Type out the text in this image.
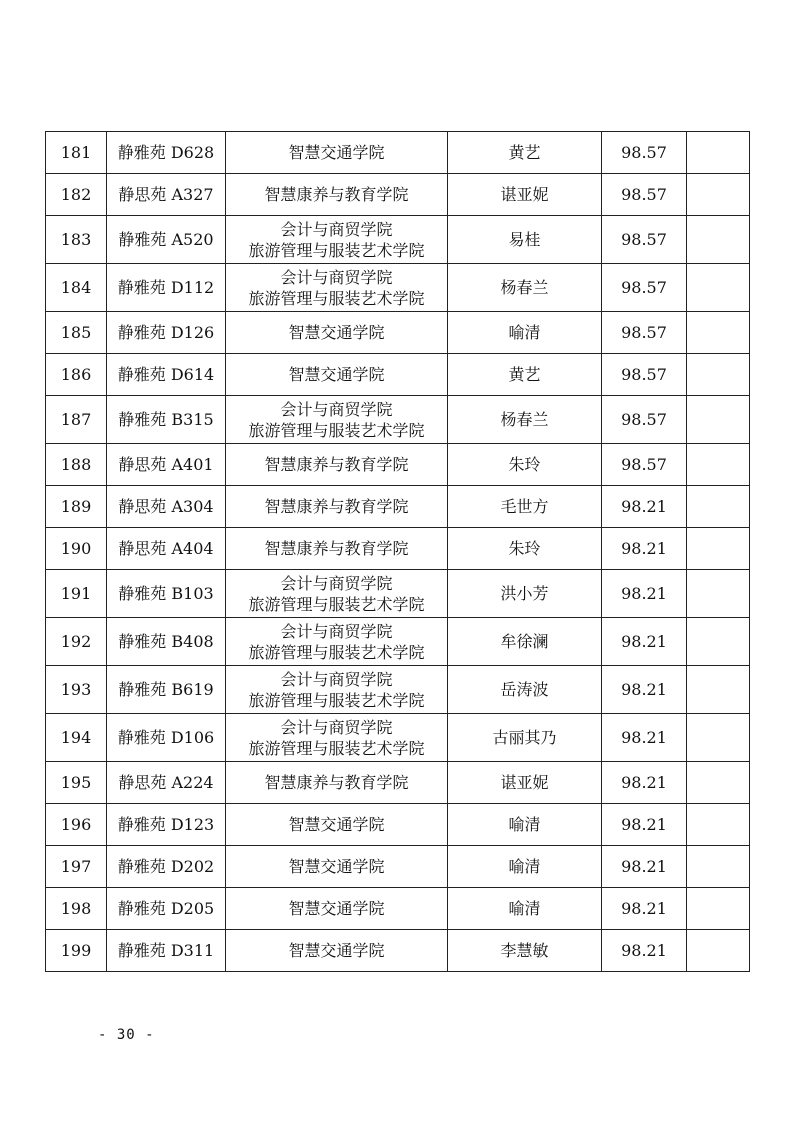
181	静雅苑 D628	智慧交通学院	黄艺	98.57	
182	静思苑 A327	智慧康养与教育学院	谌亚妮	98.57	
183	静雅苑 A520	会计与商贸学院
旅游管理与服装艺术学院	易桂	98.57	
184	静雅苑 D112	会计与商贸学院
旅游管理与服装艺术学院	杨春兰	98.57	
185	静雅苑 D126	智慧交通学院	喻清	98.57	
186	静雅苑 D614	智慧交通学院	黄艺	98.57	
187	静雅苑 B315	会计与商贸学院
旅游管理与服装艺术学院	杨春兰	98.57	
188	静思苑 A401	智慧康养与教育学院	朱玲	98.57	
189	静思苑 A304	智慧康养与教育学院	毛世方	98.21	
190	静思苑 A404	智慧康养与教育学院	朱玲	98.21	
191	静雅苑 B103	会计与商贸学院
旅游管理与服装艺术学院	洪小芳	98.21	
192	静雅苑 B408	会计与商贸学院
旅游管理与服装艺术学院	牟徐澜	98.21	
193	静雅苑 B619	会计与商贸学院
旅游管理与服装艺术学院	岳涛波	98.21	
194	静雅苑 D106	会计与商贸学院
旅游管理与服装艺术学院	古丽其乃	98.21	
195	静思苑 A224	智慧康养与教育学院	谌亚妮	98.21	
196	静雅苑 D123	智慧交通学院	喻清	98.21	
197	静雅苑 D202	智慧交通学院	喻清	98.21	
198	静雅苑 D205	智慧交通学院	喻清	98.21	
199	静雅苑 D311	智慧交通学院	李慧敏	98.21	
- 30 -
